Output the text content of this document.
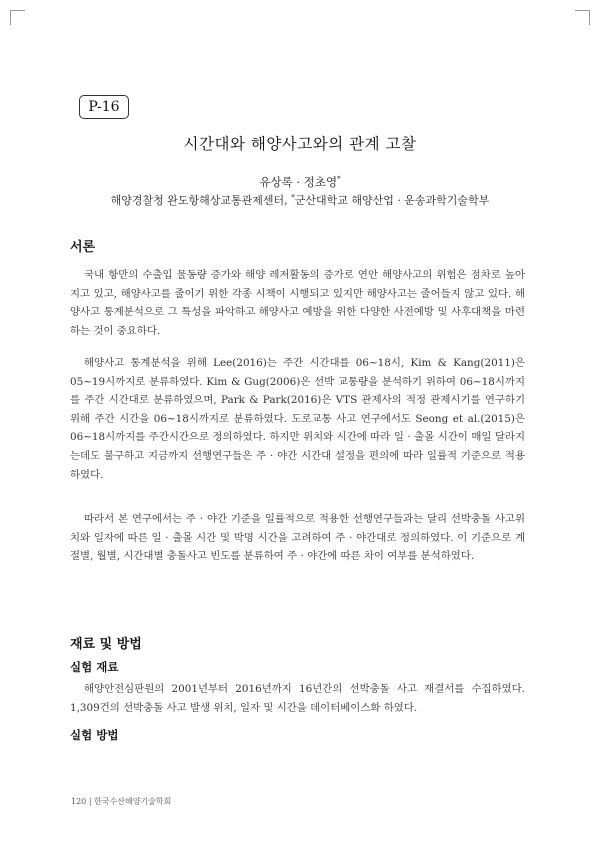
P-16
시간대와 해양사고와의 관계 고찰
유상록 · 정초영*
해양경찰청 완도항해상교통관제센터, *군산대학교 해양산업 · 운송과학기술학부
서론

국내 항만의 수출입 물동량 증가와 해양 레저활동의 증가로 연안 해양사고의 위험은 점차로 높아지고 있고, 해양사고를 줄이기 위한 각종 시책이 시행되고 있지만 해양사고는 줄어들지 않고 있다. 해양사고 통계분석으로 그 특성을 파악하고 해양사고 예방을 위한 다양한 사전예방 및 사후대책을 마련하는 것이 중요하다.

해양사고 통계분석을 위해 Lee(2016)는 주간 시간대를 06∼18시, Kim & Kang(2011)은 05∼19시까지로 분류하였다. Kim & Gug(2006)은 선박 교통량을 분석하기 위하여 06∼18시까지를 주간 시간대로 분류하였으며, Park & Park(2016)은 VTS 관제사의 적정 관제시기를 연구하기 위해 주간 시간을 06∼18시까지로 분류하였다. 도로교통 사고 연구에서도 Seong et al.(2015)은 06∼18시까지를 주간시간으로 정의하였다. 하지만 위치와 시간에 따라 일 · 출몰 시간이 매일 달라지는데도 불구하고 지금까지 선행연구들은 주 · 야간 시간대 설정을 편의에 따라 일률적 기준으로 적용하였다.

따라서 본 연구에서는 주 · 야간 기준을 일률적으로 적용한 선행연구들과는 달리 선박충돌 사고위치와 일자에 따른 일 · 출몰 시간 및 박명 시간을 고려하여 주 · 야간대로 정의하였다. 이 기준으로 계절별, 월별, 시간대별 충돌사고 빈도를 분류하여 주 · 야간에 따른 차이 여부를 분석하였다.

재료 및 방법
실험 재료

해양안전심판원의 2001년부터 2016년까지 16년간의 선박충돌 사고 재결서를 수집하였다. 1,309건의 선박충돌 사고 발생 위치, 일자 및 시간을 데이터베이스화 하였다.

실험 방법
120 | 한국수산해양기술학회
